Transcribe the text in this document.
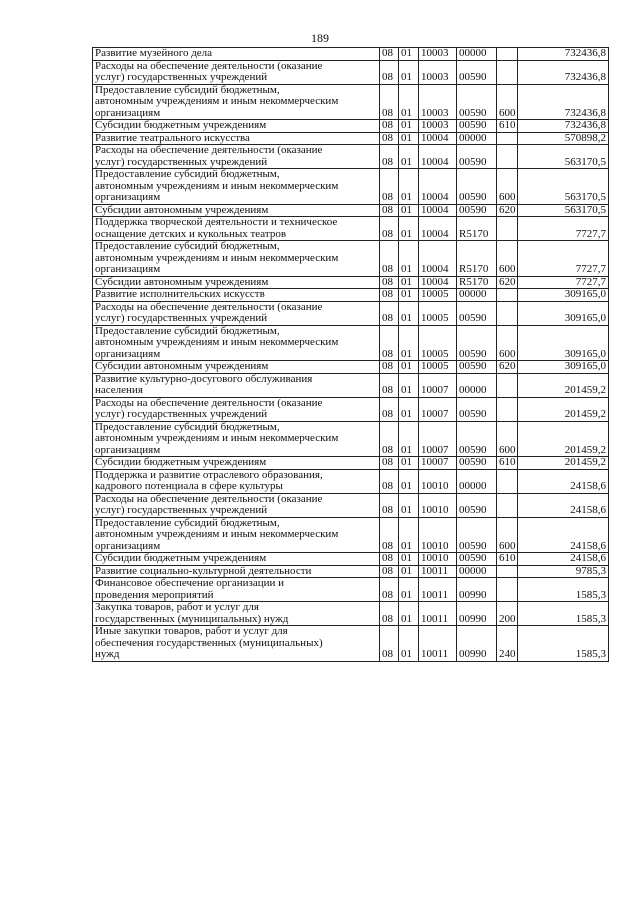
189
Развитие музейного дела	08	01	10003	00000		732436,8

Расходы на обеспечение деятельности (оказание
услуг) государственных учреждений	08	01	10003	00590		732436,8

Предоставление субсидий бюджетным,
автономным учреждениям и иным некоммерческим
организациям	08	01	10003	00590	600	732436,8

Субсидии бюджетным учреждениям	08	01	10003	00590	610	732436,8

Развитие театрального искусства	08	01	10004	00000		570898,2

Расходы на обеспечение деятельности (оказание
услуг) государственных учреждений	08	01	10004	00590		563170,5

Предоставление субсидий бюджетным,
автономным учреждениям и иным некоммерческим
организациям	08	01	10004	00590	600	563170,5

Субсидии автономным учреждениям	08	01	10004	00590	620	563170,5

Поддержка творческой деятельности и техническое
оснащение детских и кукольных театров	08	01	10004	R5170		7727,7

Предоставление субсидий бюджетным,
автономным учреждениям и иным некоммерческим
организациям	08	01	10004	R5170	600	7727,7

Субсидии автономным учреждениям	08	01	10004	R5170	620	7727,7

Развитие исполнительских искусств	08	01	10005	00000		309165,0

Расходы на обеспечение деятельности (оказание
услуг) государственных учреждений	08	01	10005	00590		309165,0

Предоставление субсидий бюджетным,
автономным учреждениям и иным некоммерческим
организациям	08	01	10005	00590	600	309165,0

Субсидии автономным учреждениям	08	01	10005	00590	620	309165,0

Развитие культурно-досугового обслуживания
населения	08	01	10007	00000		201459,2

Расходы на обеспечение деятельности (оказание
услуг) государственных учреждений	08	01	10007	00590		201459,2

Предоставление субсидий бюджетным,
автономным учреждениям и иным некоммерческим
организациям	08	01	10007	00590	600	201459,2

Субсидии бюджетным учреждениям	08	01	10007	00590	610	201459,2

Поддержка и развитие отраслевого образования,
кадрового потенциала в сфере культуры	08	01	10010	00000		24158,6

Расходы на обеспечение деятельности (оказание
услуг) государственных учреждений	08	01	10010	00590		24158,6

Предоставление субсидий бюджетным,
автономным учреждениям и иным некоммерческим
организациям	08	01	10010	00590	600	24158,6

Субсидии бюджетным учреждениям	08	01	10010	00590	610	24158,6

Развитие социально-культурной деятельности	08	01	10011	00000		9785,3

Финансовое обеспечение организации и
проведения мероприятий	08	01	10011	00990		1585,3

Закупка товаров, работ и услуг для
государственных (муниципальных) нужд	08	01	10011	00990	200	1585,3

Иные закупки товаров, работ и услуг для
обеспечения государственных (муниципальных)
нужд	08	01	10011	00990	240	1585,3
